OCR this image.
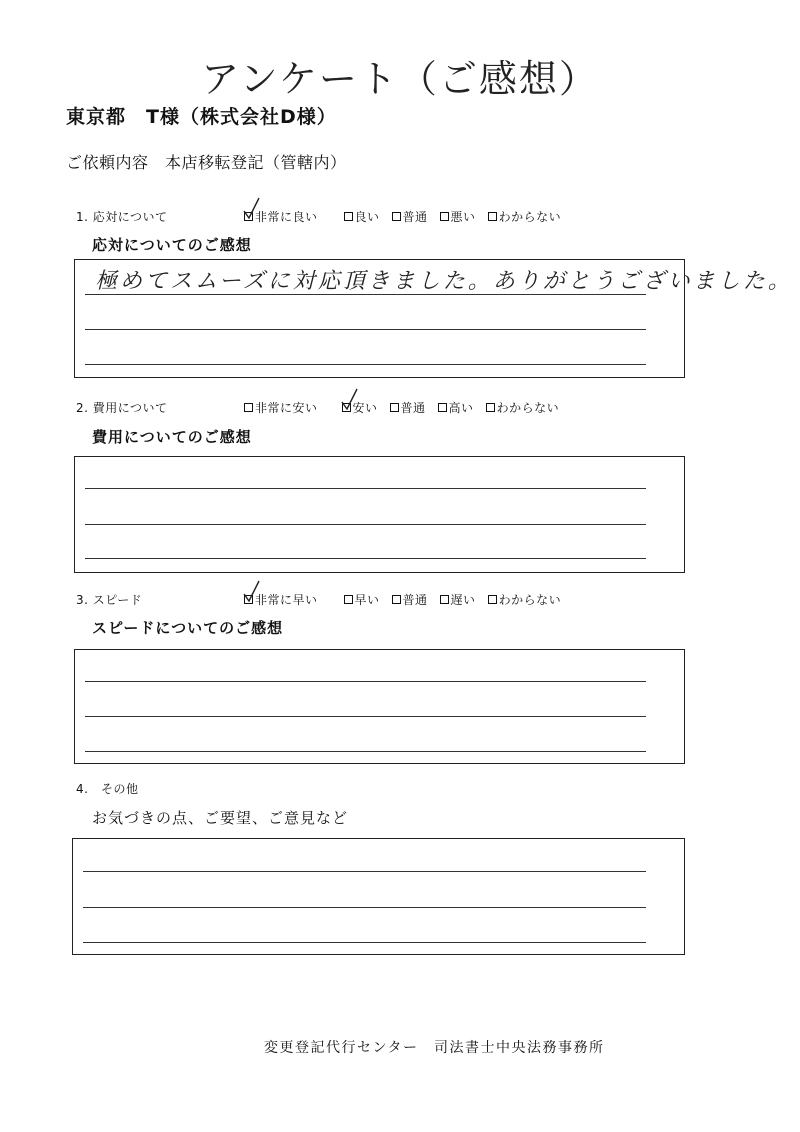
アンケート（ご感想）
東京都　T様（株式会社D様）
ご依頼内容　本店移転登記（管轄内）
1. 応対について	非常に良い	良い 普通 悪い わからない
応対についてのご感想
極めてスムーズに対応頂きました。ありがとうございました。
2. 費用について	非常に安い	安い 普通 高い わからない
費用についてのご感想
3. スピード	非常に早い	早い 普通 遅い わからない
スピードについてのご感想
4.　その他
お気づきの点、ご要望、ご意見など
変更登記代行センター　司法書士中央法務事務所
